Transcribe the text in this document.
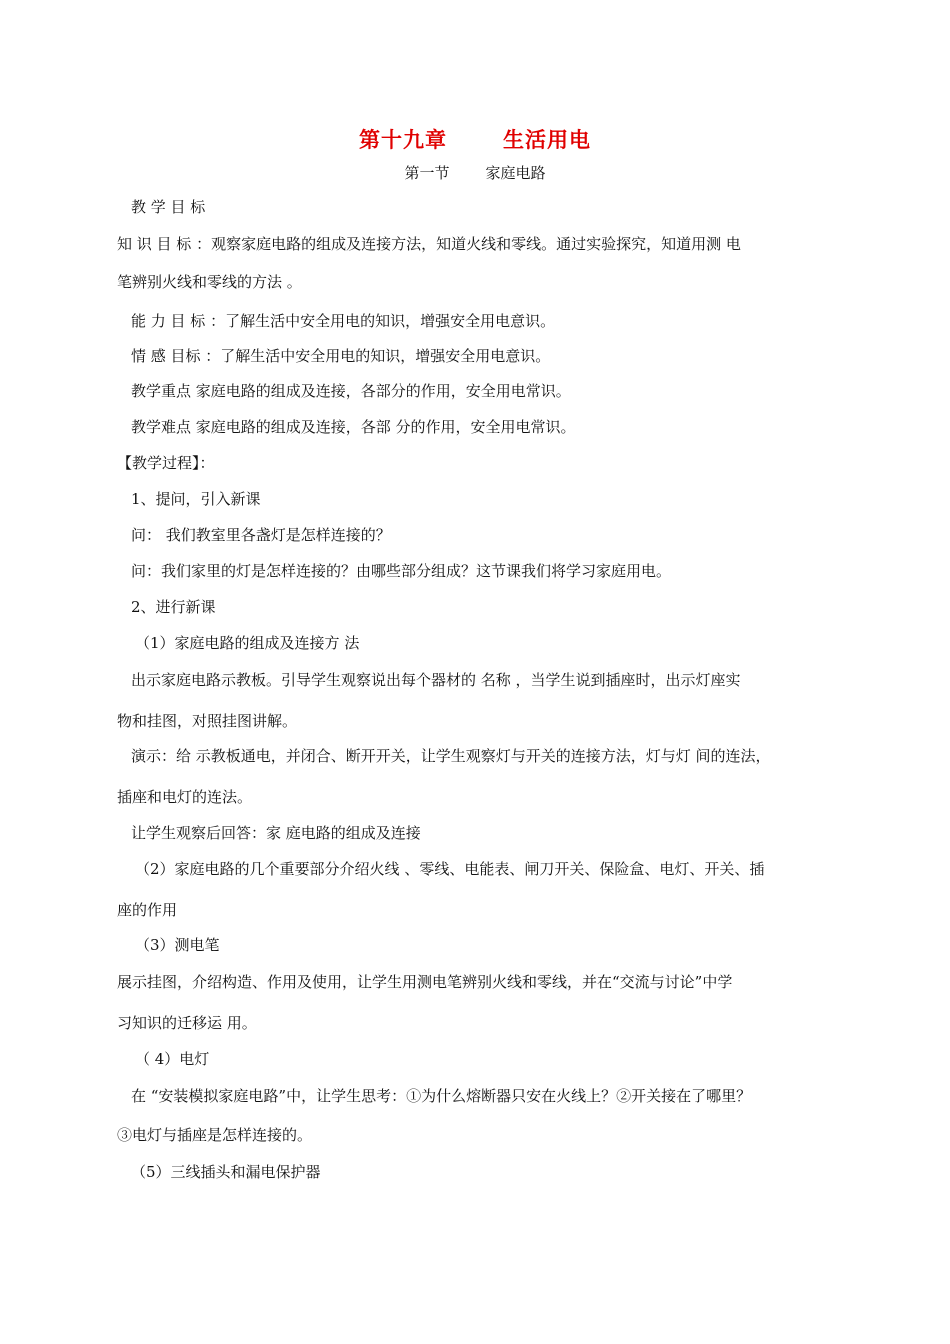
第十九章	生活用电
第一节 家庭电路
教 学 目 标
知 识 目 标 ：观察家庭电路的组成及连接方法，知道火线和零线。通过实验探究，知道用测 电
笔辨别火线和零线的方法 。
能 力 目 标 ：了解生活中安全用电的知识，增强安全用电意识。
情 感 目标 ：了解生活中安全用电的知识，增强安全用电意识。
教学重点 家庭电路的组成及连接，各部分的作用，安全用电常识。
教学难点 家庭电路的组成及连接，各部 分的作用，安全用电常识。
【教学过程】：
1、提问，引入新课
问： 我们教室里各盏灯是怎样连接的？
问：我们家里的灯是怎样连接的？由哪些部分组成？这节课我们将学习家庭用电。
2、进行新课
（1）家庭电路的组成及连接方 法
出示家庭电路示教板。引导学生观察说出每个器材的 名称 ，当学生说到插座时，出示灯座实
物和挂图，对照挂图讲解。
演示：给 示教板通电，并闭合、断开开关，让学生观察灯与开关的连接方法，灯与灯 间的连法，
插座和电灯的连法。
让学生观察后回答：家 庭电路的组成及连接
（2）家庭电路的几个重要部分介绍火线 、零线、电能表、闸刀开关、保险盒、电灯、开关、插
座的作用
（3）测电笔
展示挂图，介绍构造、作用及使用，让学生用测电笔辨别火线和零线，并在“交流与讨论”中学
习知识的迁移运 用。
（ 4）电灯
在 “安装模拟家庭电路”中，让学生思考：①为什么熔断器只安在火线上？②开关接在了哪里？
③电灯与插座是怎样连接的。
（5）三线插头和漏电保护器
